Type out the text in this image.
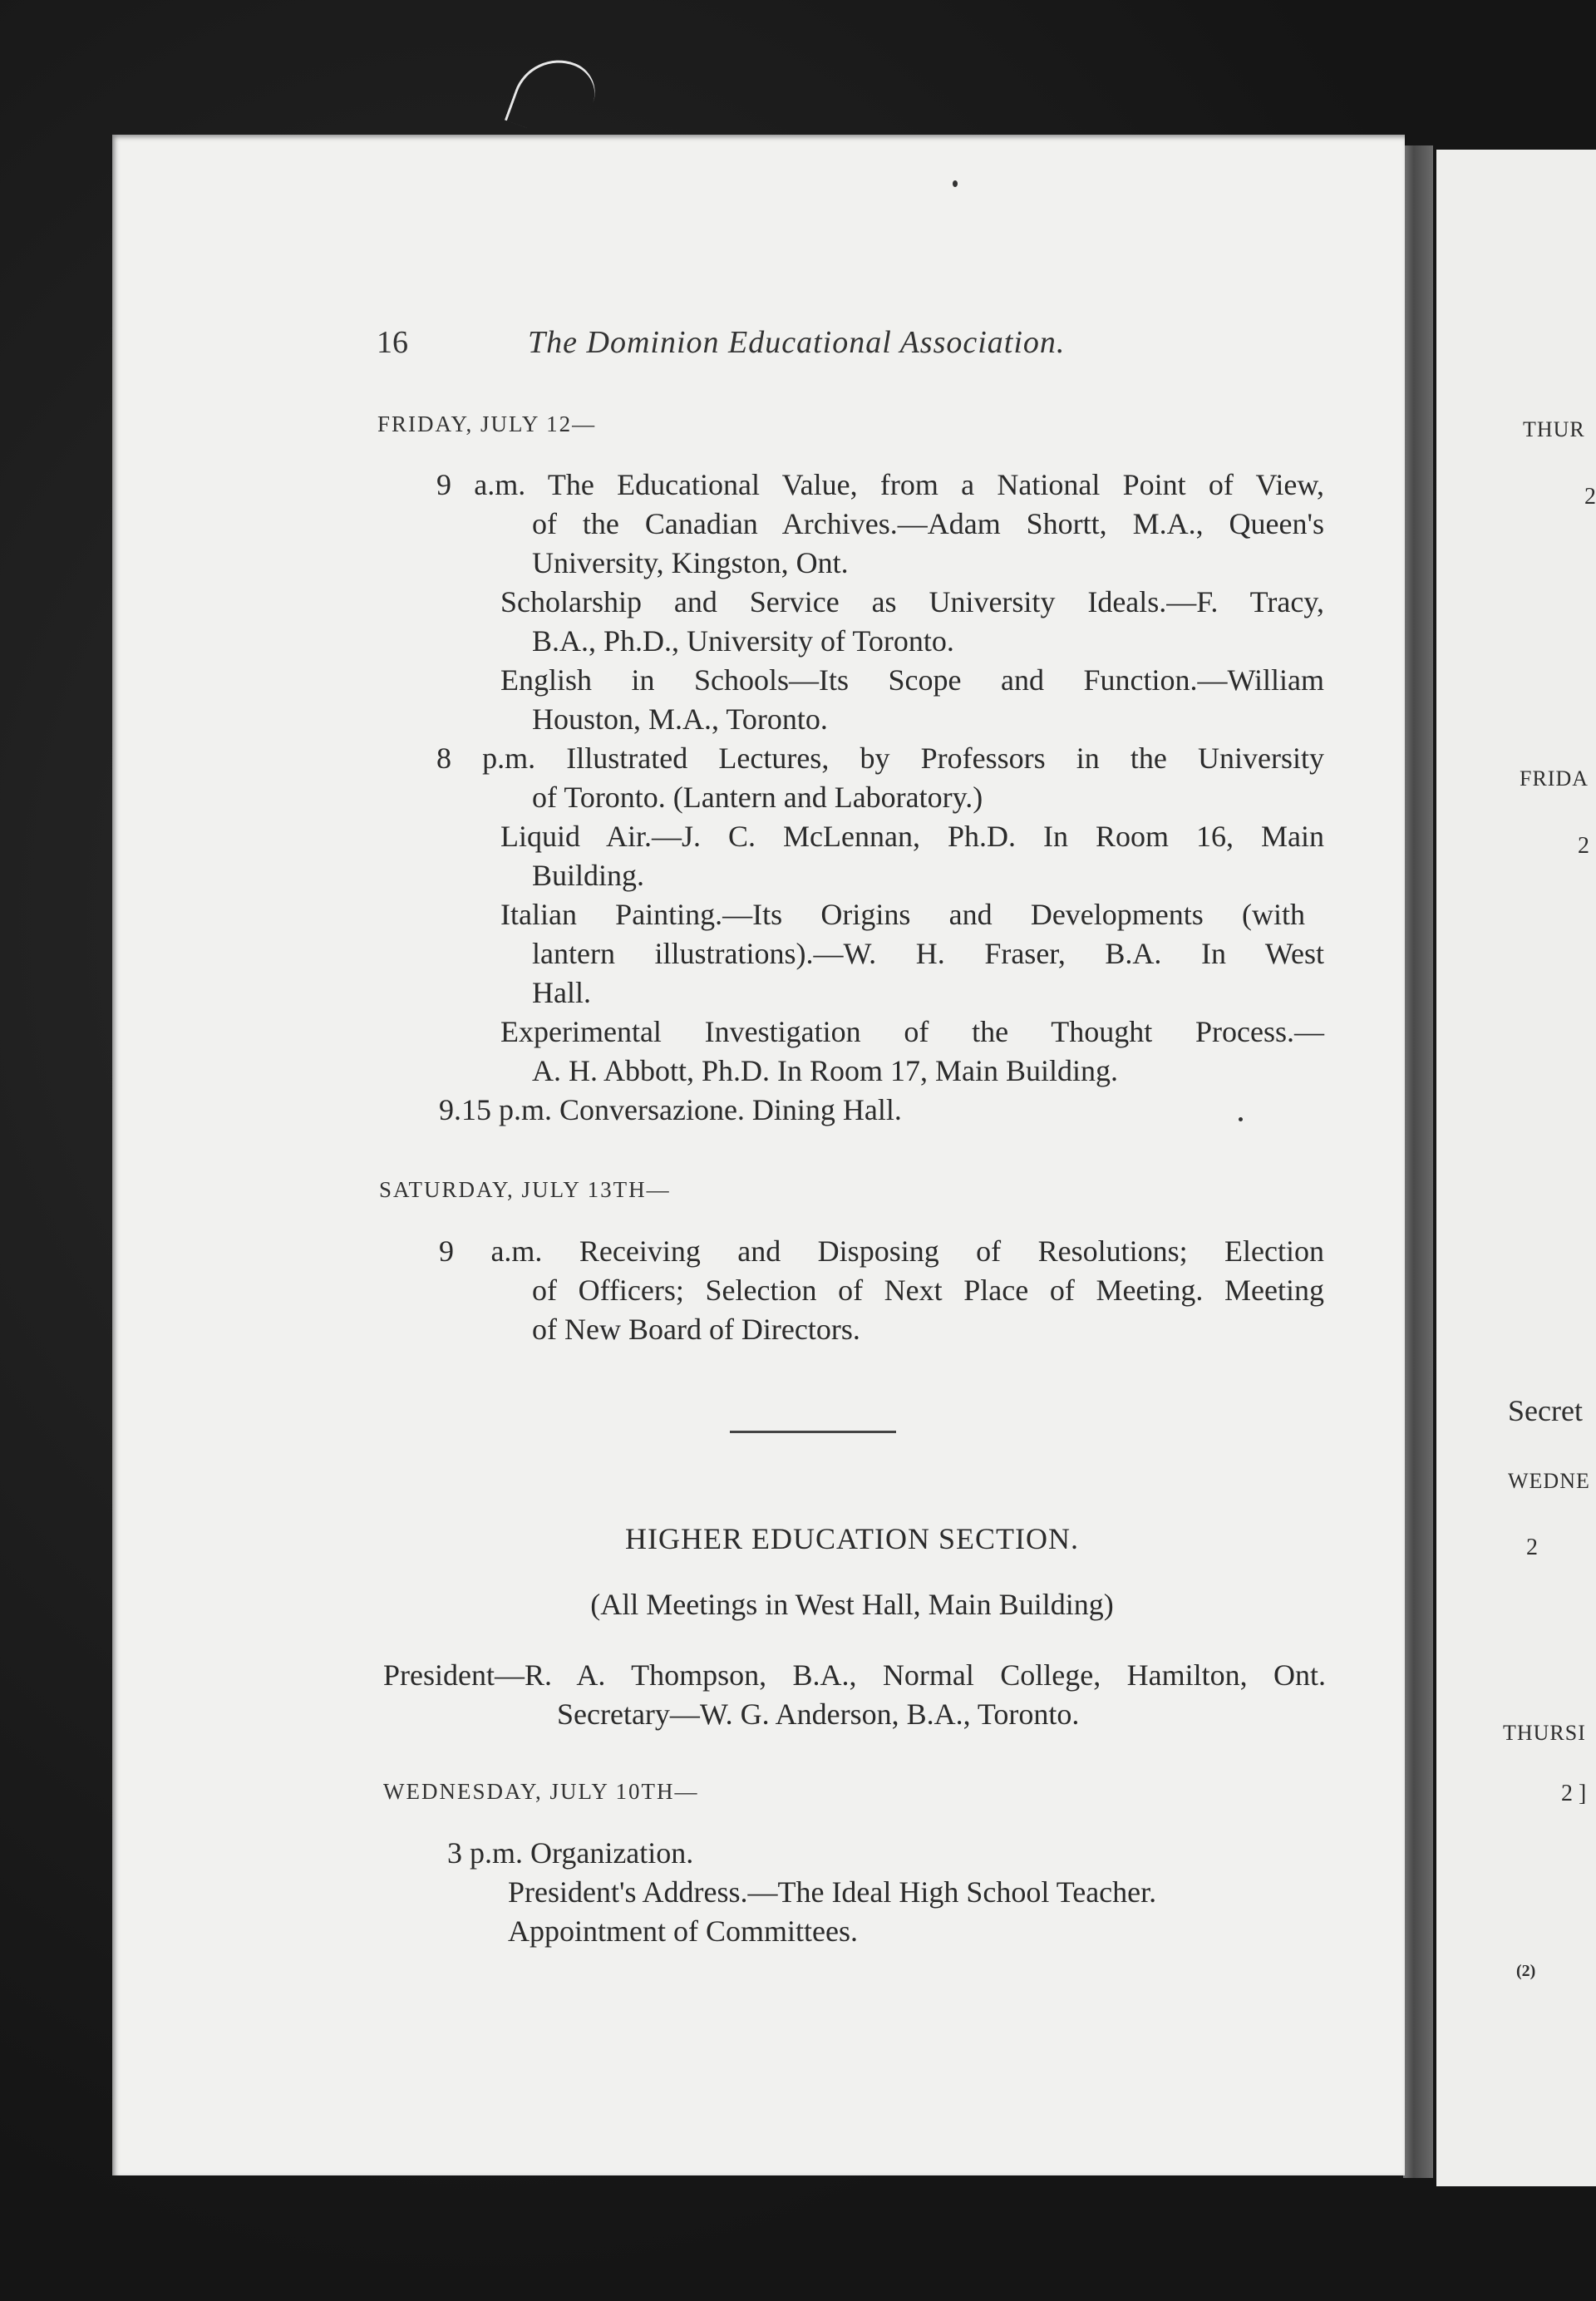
THUR
2
FRIDA
2
Secret
WEDNE
2
THURSI
2 ]
(2)
16	The Dominion Educational Association.
FRIDAY, JULY 12—
9 a.m. The Educational Value, from a National Point of View,
of the Canadian Archives.—Adam Shortt, M.A., Queen's
University, Kingston, Ont.
Scholarship and Service as University Ideals.—F. Tracy,
B.A., Ph.D., University of Toronto.
English in Schools—Its Scope and Function.—William
Houston, M.A., Toronto.
8 p.m. Illustrated Lectures, by Professors in the University
of Toronto. (Lantern and Laboratory.)
Liquid Air.—J. C. McLennan, Ph.D. In Room 16, Main
Building.
Italian Painting.—Its Origins and Developments (with
lantern illustrations).—W. H. Fraser, B.A. In West
Hall.
Experimental Investigation of the Thought Process.—
A. H. Abbott, Ph.D. In Room 17, Main Building.
9.15 p.m. Conversazione. Dining Hall.
SATURDAY, JULY 13TH—
9 a.m. Receiving and Disposing of Resolutions; Election
of Officers; Selection of Next Place of Meeting. Meeting
of New Board of Directors.
HIGHER EDUCATION SECTION.
(All Meetings in West Hall, Main Building)
President—R. A. Thompson, B.A., Normal College, Hamilton, Ont.
Secretary—W. G. Anderson, B.A., Toronto.
WEDNESDAY, JULY 10TH—
3 p.m. Organization.
President's Address.—The Ideal High School Teacher.
Appointment of Committees.
